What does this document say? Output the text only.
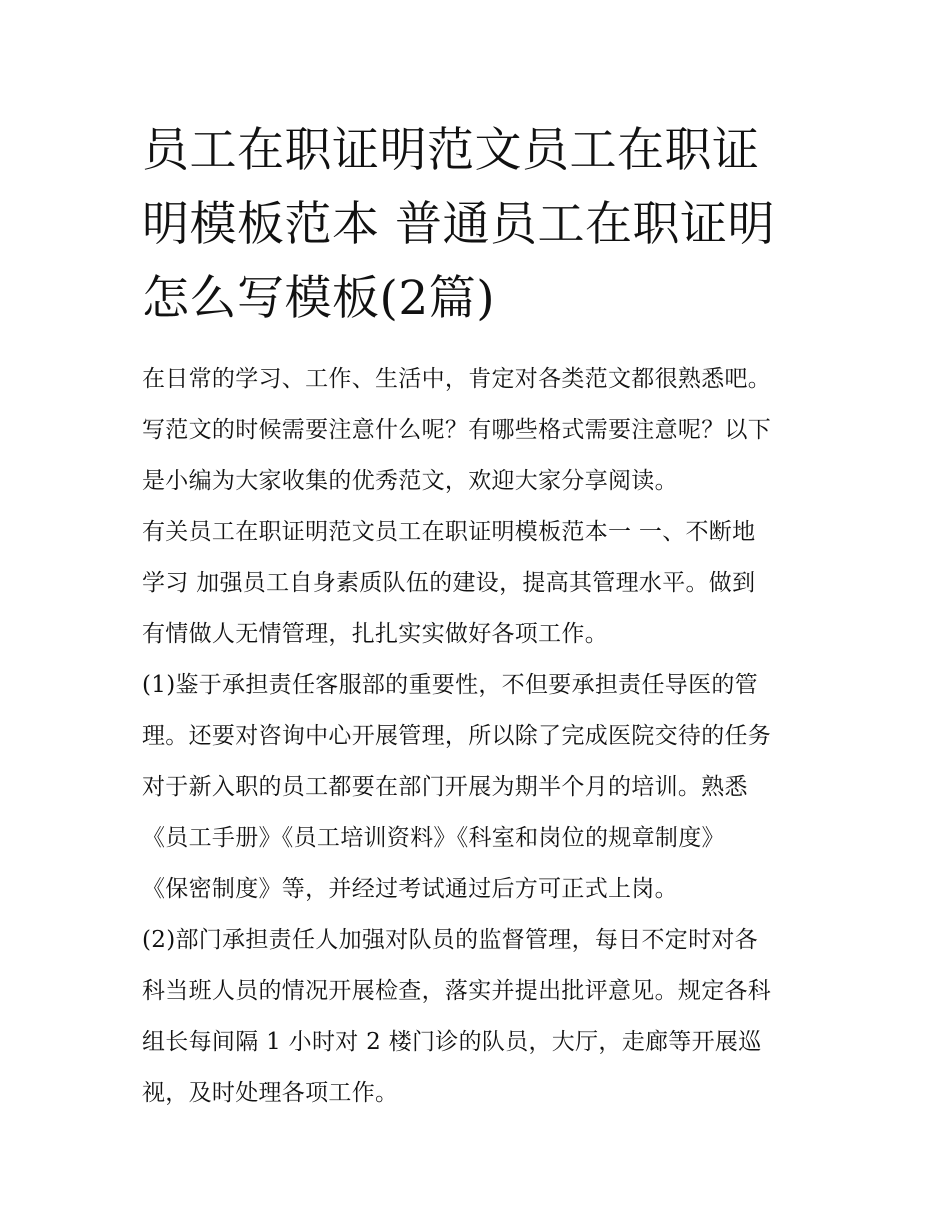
员工在职证明范文员工在职证
明模板范本 普通员工在职证明
怎么写模板(2篇)

在日常的学习、工作、生活中，肯定对各类范文都很熟悉吧。
写范文的时候需要注意什么呢？有哪些格式需要注意呢？以下
是小编为大家收集的优秀范文，欢迎大家分享阅读。

有关员工在职证明范文员工在职证明模板范本一 一、不断地
学习 加强员工自身素质队伍的建设，提高其管理水平。做到
有情做人无情管理，扎扎实实做好各项工作。

(1)鉴于承担责任客服部的重要性，不但要承担责任导医的管
理。还要对咨询中心开展管理，所以除了完成医院交待的任务
对于新入职的员工都要在部门开展为期半个月的培训。熟悉
《员工手册》《员工培训资料》《科室和岗位的规章制度》
《保密制度》等，并经过考试通过后方可正式上岗。

(2)部门承担责任人加强对队员的监督管理，每日不定时对各
科当班人员的情况开展检查，落实并提出批评意见。规定各科
组长每间隔 1 小时对 2 楼门诊的队员，大厅，走廊等开展巡
视，及时处理各项工作。
